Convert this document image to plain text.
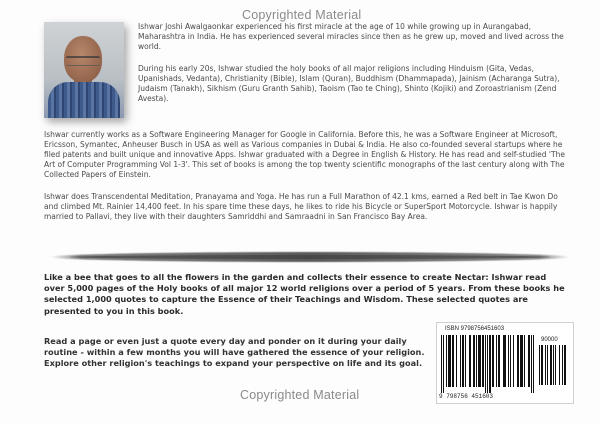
Copyrighted Material

Ishwar Joshi Awalgaonkar experienced his first miracle at the age of 10 while growing up in Aurangabad, Maharashtra in India. He has experienced several miracles since then as he grew up, moved and lived across the world.

During his early 20s, Ishwar studied the holy books of all major religions including Hinduism (Gita, Vedas, Upanishads, Vedanta), Christianity (Bible), Islam (Quran), Buddhism (Dhammapada), Jainism (Acharanga Sutra), Judaism (Tanakh), Sikhism (Guru Granth Sahib), Taoism (Tao te Ching), Shinto (Kojiki) and Zoroastrianism (Zend Avesta).

Ishwar currently works as a Software Engineering Manager for Google in California. Before this, he was a Software Engineer at Microsoft, Ericsson, Symantec, Anheuser Busch in USA as well as Various companies in Dubai & India. He also co-founded several startups where he filed patents and built unique and innovative Apps. Ishwar graduated with a Degree in English & History. He has read and self-studied 'The Art of Computer Programming Vol 1-3'. This set of books is among the top twenty scientific monographs of the last century along with The Collected Papers of Einstein.

Ishwar does Transcendental Meditation, Pranayama and Yoga. He has run a Full Marathon of 42.1 kms, earned a Red belt in Tae Kwon Do and climbed Mt. Rainier 14,400 feet. In his spare time these days, he likes to ride his Bicycle or SuperSport Motorcycle. Ishwar is happily married to Pallavi, they live with their daughters Samriddhi and Samraadni in San Francisco Bay Area.

Like a bee that goes to all the flowers in the garden and collects their essence to create Nectar: Ishwar read over 5,000 pages of the Holy books of all major 12 world religions over a period of 5 years. From these books he selected 1,000 quotes to capture the Essence of their Teachings and Wisdom. These selected quotes are presented to you in this book.

Read a page or even just a quote every day and ponder on it during your daily routine - within a few months you will have gathered the essence of your religion. Explore other religion's teachings to expand your perspective on life and its goal.

ISBN 9798756451603
90000
9 798756 451603
Copyrighted Material
